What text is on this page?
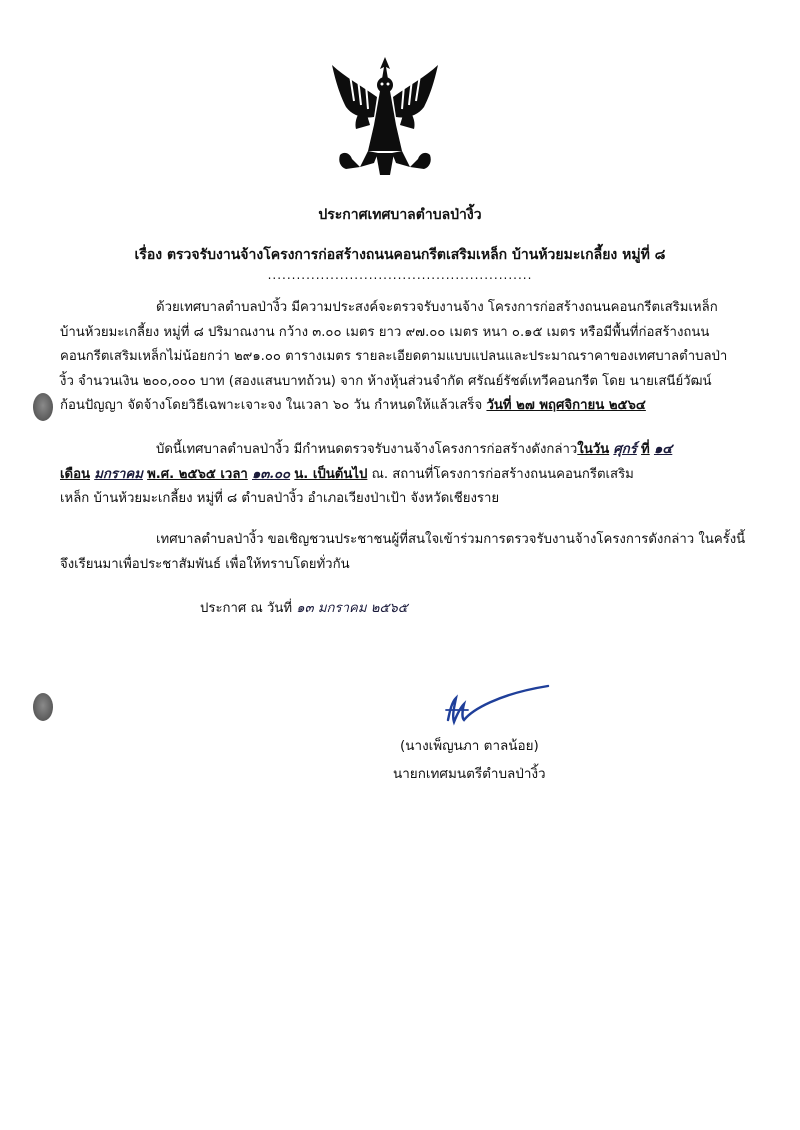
ประกาศเทศบาลตำบลป่างิ้ว
เรื่อง ตรวจรับงานจ้างโครงการก่อสร้างถนนคอนกรีตเสริมเหล็ก บ้านห้วยมะเกลี้ยง หมู่ที่ ๘
.......................................................
ด้วยเทศบาลตำบลป่างิ้ว มีความประสงค์จะตรวจรับงานจ้าง โครงการก่อสร้างถนนคอนกรีตเสริมเหล็ก
บ้านห้วยมะเกลี้ยง หมู่ที่ ๘ ปริมาณงาน กว้าง ๓.๐๐ เมตร ยาว ๙๗.๐๐ เมตร หนา ๐.๑๕ เมตร หรือมีพื้นที่ก่อสร้างถนน
คอนกรีตเสริมเหล็กไม่น้อยกว่า ๒๙๑.๐๐ ตารางเมตร รายละเอียดตามแบบแปลนและประมาณราคาของเทศบาลตำบลป่า
งิ้ว จำนวนเงิน ๒๐๐,๐๐๐ บาท (สองแสนบาทถ้วน) จาก ห้างหุ้นส่วนจำกัด ศรัณย์รัชต์เทวีคอนกรีต โดย นายเสนีย์วัฒน์
ก้อนปัญญา จัดจ้างโดยวิธีเฉพาะเจาะจง ในเวลา ๖๐ วัน กำหนดให้แล้วเสร็จ วันที่ ๒๗ พฤศจิกายน ๒๕๖๔
บัดนี้เทศบาลตำบลป่างิ้ว มีกำหนดตรวจรับงานจ้างโครงการก่อสร้างดังกล่าวในวัน ศุกร์ ที่ ๑๔
เดือน มกราคม พ.ศ. ๒๕๖๕ เวลา ๑๓.๐๐ น. เป็นต้นไป ณ. สถานที่โครงการก่อสร้างถนนคอนกรีตเสริม
เหล็ก บ้านห้วยมะเกลี้ยง หมู่ที่ ๘ ตำบลป่างิ้ว อำเภอเวียงป่าเป้า จังหวัดเชียงราย
เทศบาลตำบลป่างิ้ว ขอเชิญชวนประชาชนผู้ที่สนใจเข้าร่วมการตรวจรับงานจ้างโครงการดังกล่าว ในครั้งนี้
จึงเรียนมาเพื่อประชาสัมพันธ์ เพื่อให้ทราบโดยทั่วกัน
ประกาศ ณ วันที่ ๑๓ มกราคม ๒๕๖๕
(นางเพ็ญนภา ตาลน้อย)
นายกเทศมนตรีตำบลป่างิ้ว
